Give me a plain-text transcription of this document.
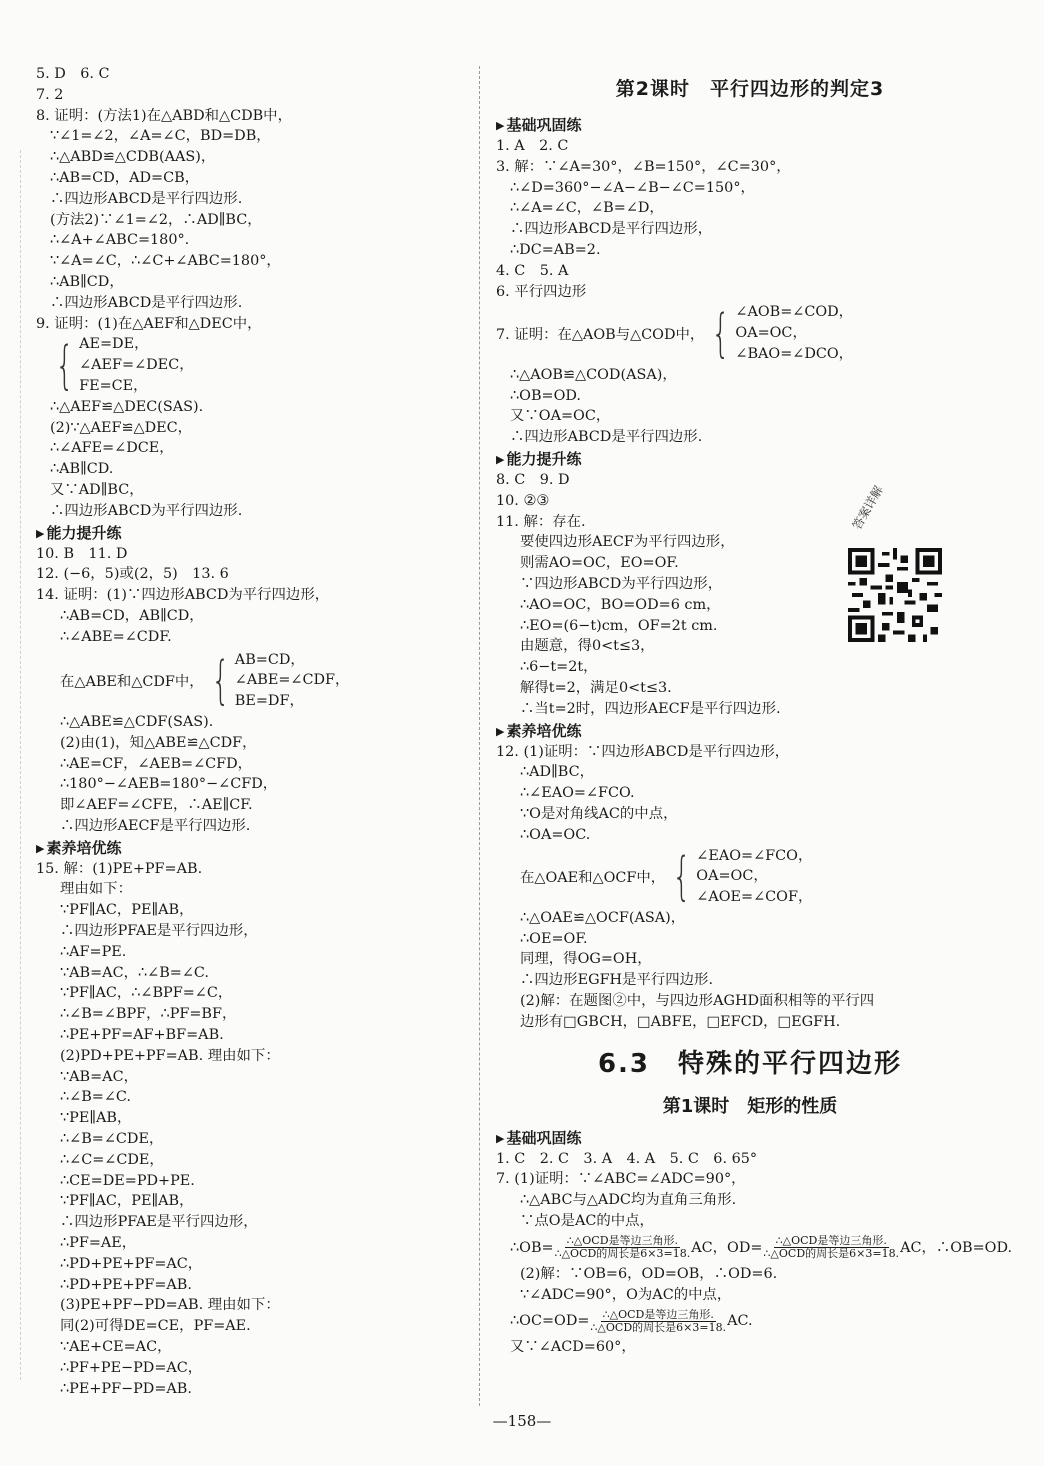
5. D　6. C
7. 2
8. 证明：(方法1)在△ABD和△CDB中，
∵∠1=∠2，∠A=∠C，BD=DB，
∴△ABD≌△CDB(AAS)，
∴AB=CD，AD=CB，
∴四边形ABCD是平行四边形.
(方法2)∵∠1=∠2，∴AD∥BC，
∴∠A+∠ABC=180°.
∵∠A=∠C，∴∠C+∠ABC=180°，
∴AB∥CD，
∴四边形ABCD是平行四边形.
9. 证明：(1)在△AEF和△DEC中，
{ AE=DE，
∠AEF=∠DEC，
FE=CE，
∴△AEF≌△DEC(SAS).
(2)∵△AEF≌△DEC，
∴∠AFE=∠DCE，
∴AB∥CD.
又∵AD∥BC，
∴四边形ABCD为平行四边形.
▶ 能力提升练
10. B　11. D
12. (−6，5)或(2，5)　13. 6
14. 证明：(1)∵四边形ABCD为平行四边形，
∴AB=CD，AB∥CD，
∴∠ABE=∠CDF.
在△ABE和△CDF中， { AB=CD，
∠ABE=∠CDF，
BE=DF，
∴△ABE≌△CDF(SAS).
(2)由(1)，知△ABE≌△CDF，
∴AE=CF，∠AEB=∠CFD，
∴180°−∠AEB=180°−∠CFD，
即∠AEF=∠CFE，∴AE∥CF.
∴四边形AECF是平行四边形.
▶ 素养培优练
15. 解：(1)PE+PF=AB.
理由如下：
∵PF∥AC，PE∥AB，
∴四边形PFAE是平行四边形，
∴AF=PE.
∵AB=AC，∴∠B=∠C.
∵PF∥AC，∴∠BPF=∠C，
∴∠B=∠BPF，∴PF=BF，
∴PE+PF=AF+BF=AB.
(2)PD+PE+PF=AB. 理由如下：
∵AB=AC，
∴∠B=∠C.
∵PE∥AB，
∴∠B=∠CDE，
∴∠C=∠CDE，
∴CE=DE=PD+PE.
∵PF∥AC，PE∥AB，
∴四边形PFAE是平行四边形，
∴PF=AE，
∴PD+PE+PF=AC，
∴PD+PE+PF=AB.
(3)PE+PF−PD=AB. 理由如下：
同(2)可得DE=CE，PF=AE.
∵AE+CE=AC，
∴PF+PE−PD=AC，
∴PE+PF−PD=AB.
第2课时　平行四边形的判定3
▶ 基础巩固练
1. A　2. C
3. 解：∵∠A=30°，∠B=150°，∠C=30°，
∴∠D=360°−∠A−∠B−∠C=150°，
∴∠A=∠C，∠B=∠D，
∴四边形ABCD是平行四边形，
∴DC=AB=2.
4. C　5. A
6. 平行四边形
7. 证明：在△AOB与△COD中， { ∠AOB=∠COD，
OA=OC，
∠BAO=∠DCO，
∴△AOB≌△COD(ASA)，
∴OB=OD.
又∵OA=OC，
∴四边形ABCD是平行四边形.
▶ 能力提升练
8. C　9. D
10. ②③
11. 解：存在.
要使四边形AECF为平行四边形，
则需AO=OC，EO=OF.
∵四边形ABCD为平行四边形，
∴AO=OC，BO=OD=6 cm，
∴EO=(6−t)cm，OF=2t cm.
由题意，得0<t≤3，
∴6−t=2t，
解得t=2，满足0<t≤3.
∴当t=2时，四边形AECF是平行四边形.
▶ 素养培优练
12. (1)证明：∵四边形ABCD是平行四边形，
∴AD∥BC，
∴∠EAO=∠FCO.
∵O是对角线AC的中点，
∴OA=OC.
在△OAE和△OCF中， { ∠EAO=∠FCO，
OA=OC，
∠AOE=∠COF，
∴△OAE≌△OCF(ASA)，
∴OE=OF.
同理，得OG=OH，
∴四边形EGFH是平行四边形.
(2)解：在题图②中，与四边形AGHD面积相等的平行四
边形有□GBCH，□ABFE，□EFCD，□EGFH.
6.3　特殊的平行四边形
第1课时　矩形的性质
▶ 基础巩固练
1. C　2. C　3. A　4. A　5. C　6. 65°
7. (1)证明：∵∠ABC=∠ADC=90°，
∴△ABC与△ADC均为直角三角形.
∵点O是AC的中点，
∴OB= $\frac{\text{∴△OCD是等边三角形.}}{\text{∴△OCD的周长是6×3=18.}}$ AC，$OD= \frac{\text{∴△OCD是等边三角形.}}{\text{∴△OCD的周长是6×3=18.}}$ AC，∴OB=OD.
(2)解：∵OB=6，OD=OB，∴OD=6.
∵∠ADC=90°，O为AC的中点，
∴OC=OD= $\frac{\text{∴△OCD是等边三角形.}}{\text{∴△OCD的周长是6×3=18.}}$ AC.
又∵∠ACD=60°，
答案详解
—158—
